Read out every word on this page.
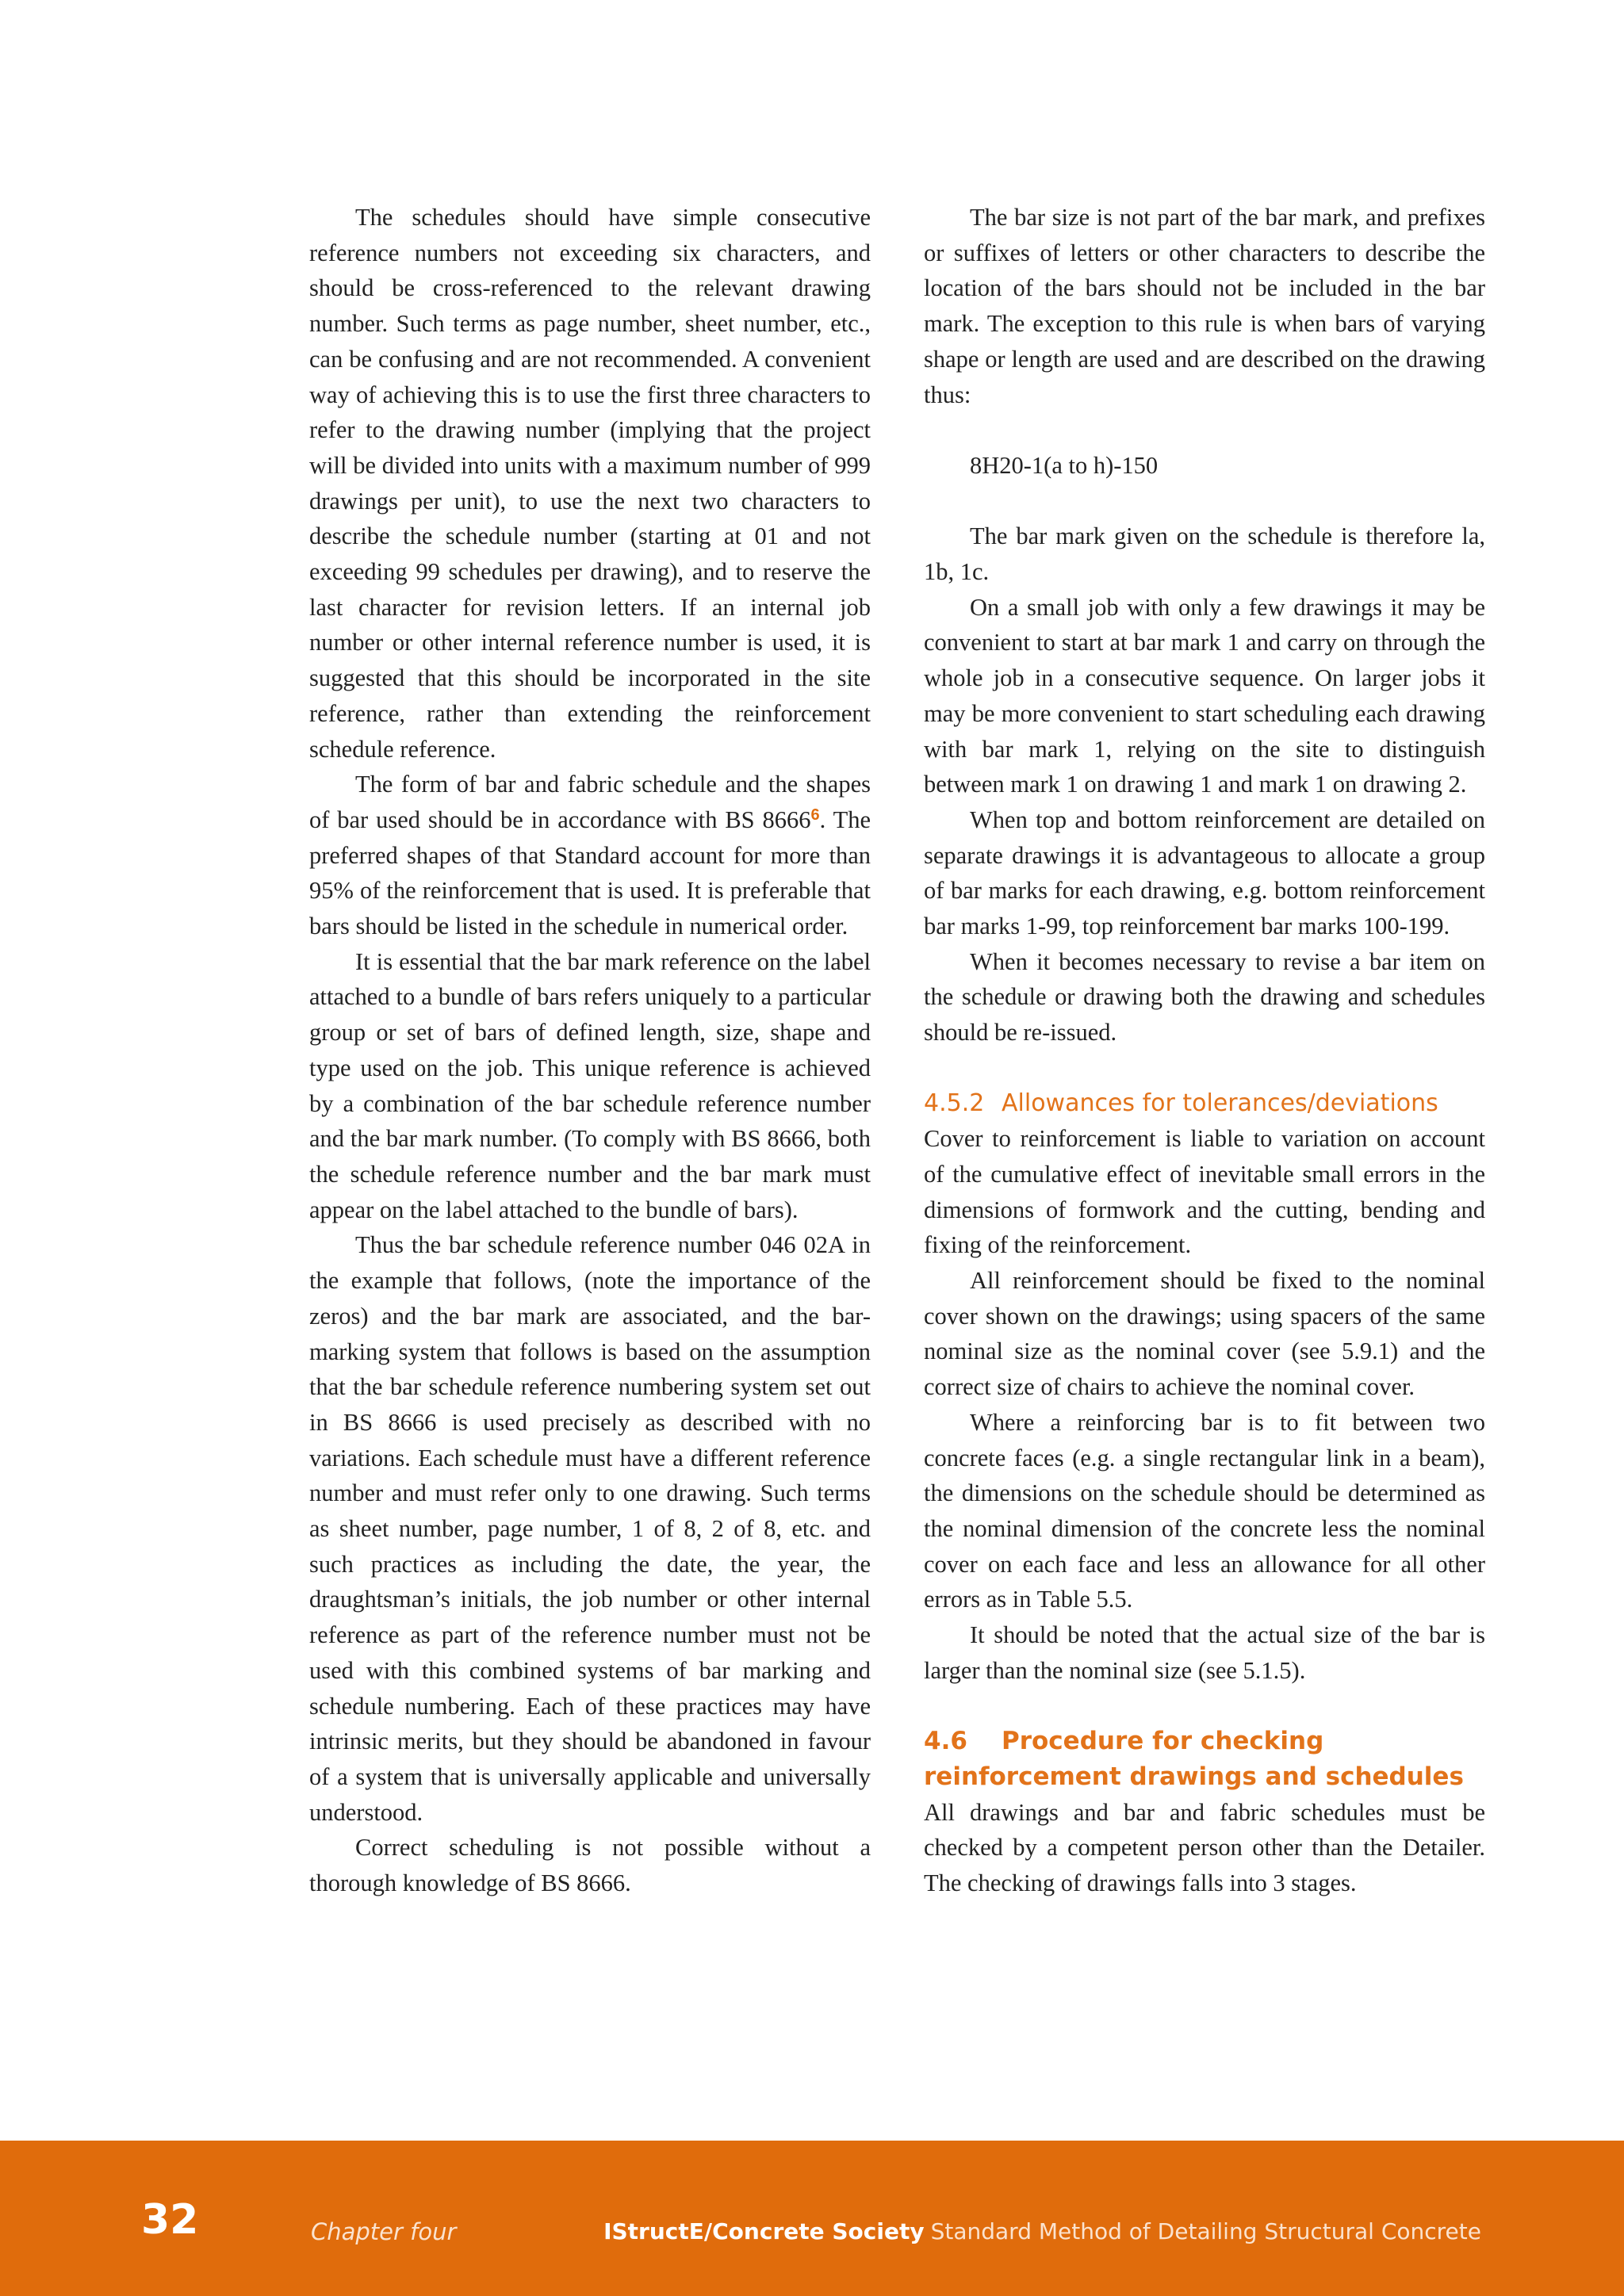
The schedules should have simple consecutive reference numbers not exceeding six characters, and should be cross-referenced to the relevant drawing number. Such terms as page number, sheet number, etc., can be confusing and are not recommended. A convenient way of achieving this is to use the first three characters to refer to the drawing number (implying that the project will be divided into units with a maximum number of 999 drawings per unit), to use the next two characters to describe the schedule number (starting at 01 and not exceeding 99 schedules per drawing), and to reserve the last character for revision letters. If an internal job number or other internal reference number is used, it is suggested that this should be incorporated in the site reference, rather than extending the reinforcement schedule reference.

The form of bar and fabric schedule and the shapes of bar used should be in accordance with BS 8666$^6$. The preferred shapes of that Standard account for more than 95% of the reinforcement that is used. It is preferable that bars should be listed in the schedule in numerical order.

It is essential that the bar mark reference on the label attached to a bundle of bars refers uniquely to a particular group or set of bars of defined length, size, shape and type used on the job. This unique reference is achieved by a combination of the bar schedule reference number and the bar mark number. (To comply with BS 8666, both the schedule reference number and the bar mark must appear on the label attached to the bundle of bars).

Thus the bar schedule reference number 046 02A in the example that follows, (note the importance of the zeros) and the bar mark are associated, and the bar-marking system that follows is based on the assumption that the bar schedule reference numbering system set out in BS 8666 is used precisely as described with no variations. Each schedule must have a different reference number and must refer only to one drawing. Such terms as sheet number, page number, 1 of 8, 2 of 8, etc. and such practices as including the date, the year, the draughtsman’s initials, the job number or other internal reference as part of the reference number must not be used with this combined systems of bar marking and schedule numbering. Each of these practices may have intrinsic merits, but they should be abandoned in favour of a system that is universally applicable and universally understood.

Correct scheduling is not possible without a thorough knowledge of BS 8666.

The bar size is not part of the bar mark, and prefixes or suffixes of letters or other characters to describe the location of the bars should not be included in the bar mark. The exception to this rule is when bars of varying shape or length are used and are described on the drawing thus:

8H20-1(a to h)-150

The bar mark given on the schedule is therefore la, 1b, 1c.

On a small job with only a few drawings it may be convenient to start at bar mark 1 and carry on through the whole job in a consecutive sequence. On larger jobs it may be more convenient to start scheduling each drawing with bar mark 1, relying on the site to distinguish between mark 1 on drawing 1 and mark 1 on drawing 2.

When top and bottom reinforcement are detailed on separate drawings it is advantageous to allocate a group of bar marks for each drawing, e.g. bottom reinforcement bar marks 1-99, top reinforcement bar marks 100-199.

When it becomes necessary to revise a bar item on the schedule or drawing both the drawing and schedules should be re-issued.

4.5.2 Allowances for tolerances/deviations

Cover to reinforcement is liable to variation on account of the cumulative effect of inevitable small errors in the dimensions of formwork and the cutting, bending and fixing of the reinforcement.

All reinforcement should be fixed to the nominal cover shown on the drawings; using spacers of the same nominal size as the nominal cover (see 5.9.1) and the correct size of chairs to achieve the nominal cover.

Where a reinforcing bar is to fit between two concrete faces (e.g. a single rectangular link in a beam), the dimensions on the schedule should be determined as the nominal dimension of the concrete less the nominal cover on each face and less an allowance for all other errors as in Table 5.5.

It should be noted that the actual size of the bar is larger than the nominal size (see 5.1.5).

4.6 Procedure for checking reinforcement drawings and schedules

All drawings and bar and fabric schedules must be checked by a competent person other than the Detailer. The checking of drawings falls into 3 stages.

32	Chapter four	IStructE/Concrete Society Standard Method of Detailing Structural Concrete
